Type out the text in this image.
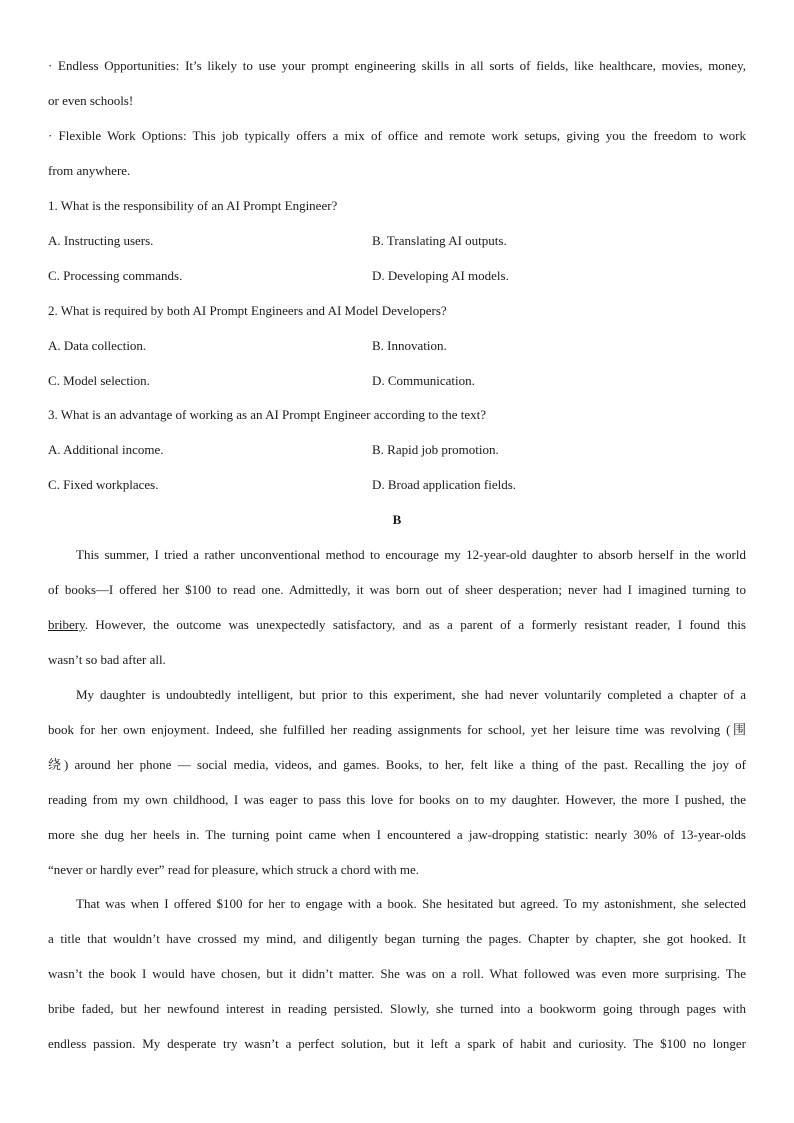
· Endless Opportunities: It’s likely to use your prompt engineering skills in all sorts of fields, like healthcare, movies, money,
or even schools!
· Flexible Work Options: This job typically offers a mix of office and remote work setups, giving you the freedom to work
from anywhere.
1. What is the responsibility of an AI Prompt Engineer?
A. Instructing users.	B. Translating AI outputs.
C. Processing commands.	D. Developing AI models.
2. What is required by both AI Prompt Engineers and AI Model Developers?
A. Data collection.	B. Innovation.
C. Model selection.	D. Communication.
3. What is an advantage of working as an AI Prompt Engineer according to the text?
A. Additional income.	B. Rapid job promotion.
C. Fixed workplaces.	D. Broad application fields.
B
This summer, I tried a rather unconventional method to encourage my 12-year-old daughter to absorb herself in the world
of books—I offered her $100 to read one. Admittedly, it was born out of sheer desperation; never had I imagined turning to
bribery. However, the outcome was unexpectedly satisfactory, and as a parent of a formerly resistant reader, I found this
wasn’t so bad after all.
My daughter is undoubtedly intelligent, but prior to this experiment, she had never voluntarily completed a chapter of a
book for her own enjoyment. Indeed, she fulfilled her reading assignments for school, yet her leisure time was revolving (围
绕) around her phone — social media, videos, and games. Books, to her, felt like a thing of the past. Recalling the joy of
reading from my own childhood, I was eager to pass this love for books on to my daughter. However, the more I pushed, the
more she dug her heels in. The turning point came when I encountered a jaw-dropping statistic: nearly 30% of 13-year-olds
“never or hardly ever” read for pleasure, which struck a chord with me.
That was when I offered $100 for her to engage with a book. She hesitated but agreed. To my astonishment, she selected
a title that wouldn’t have crossed my mind, and diligently began turning the pages. Chapter by chapter, she got hooked. It
wasn’t the book I would have chosen, but it didn’t matter. She was on a roll. What followed was even more surprising. The
bribe faded, but her newfound interest in reading persisted. Slowly, she turned into a bookworm going through pages with
endless passion. My desperate try wasn’t a perfect solution, but it left a spark of habit and curiosity. The $100 no longer
